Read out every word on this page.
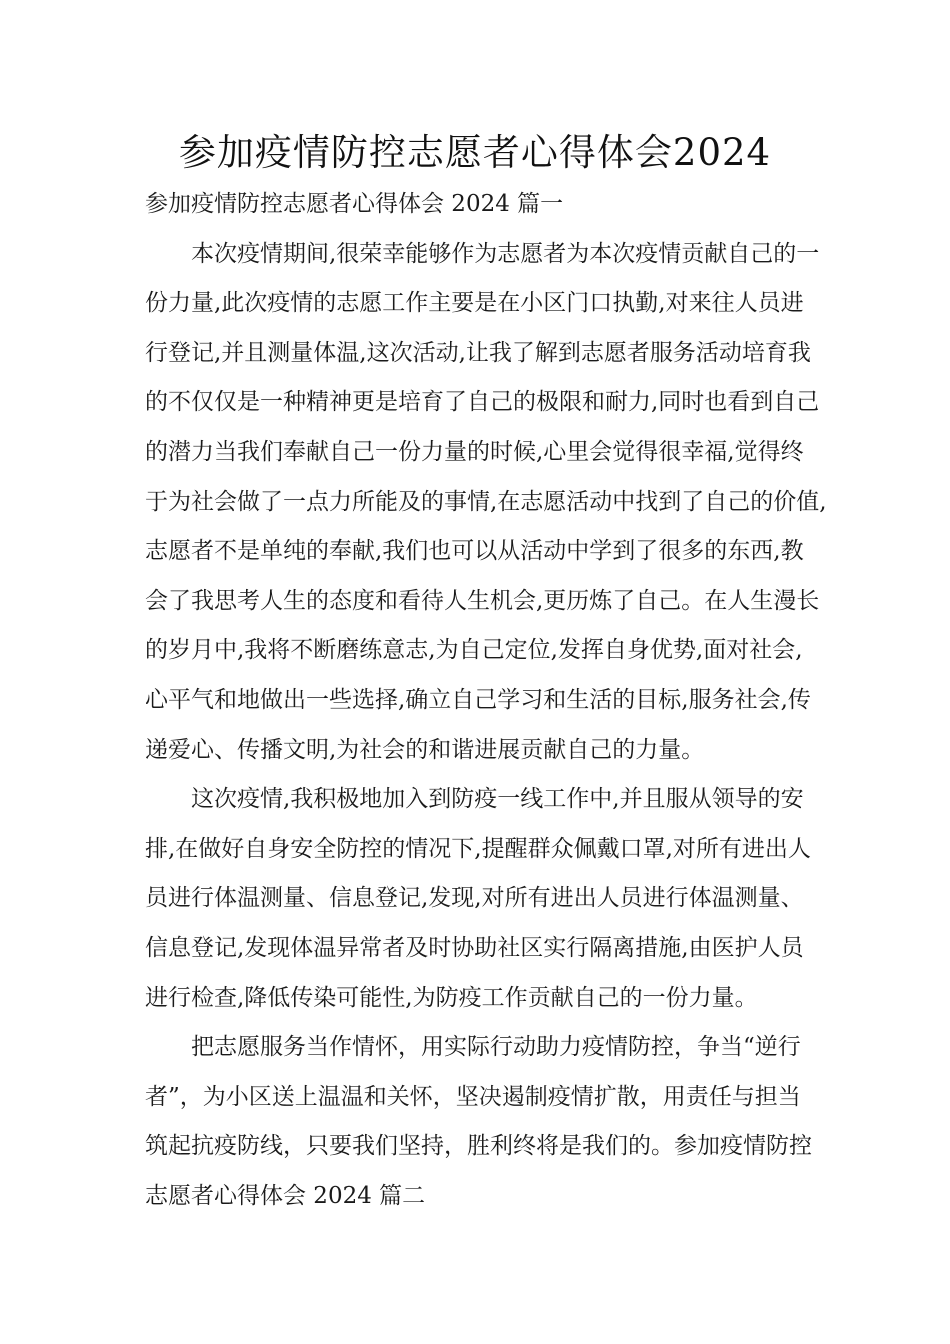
参加疫情防控志愿者心得体会2024
参加疫情防控志愿者心得体会 2024 篇一
本次疫情期间,很荣幸能够作为志愿者为本次疫情贡献自己的一
份力量,此次疫情的志愿工作主要是在小区门口执勤,对来往人员进
行登记,并且测量体温,这次活动,让我了解到志愿者服务活动培育我
的不仅仅是一种精神更是培育了自己的极限和耐力,同时也看到自己
的潜力当我们奉献自己一份力量的时候,心里会觉得很幸福,觉得终
于为社会做了一点力所能及的事情,在志愿活动中找到了自己的价值,
志愿者不是单纯的奉献,我们也可以从活动中学到了很多的东西,教
会了我思考人生的态度和看待人生机会,更历炼了自己。在人生漫长
的岁月中,我将不断磨练意志,为自己定位,发挥自身优势,面对社会,
心平气和地做出一些选择,确立自己学习和生活的目标,服务社会,传
递爱心、传播文明,为社会的和谐进展贡献自己的力量。
这次疫情,我积极地加入到防疫一线工作中,并且服从领导的安
排,在做好自身安全防控的情况下,提醒群众佩戴口罩,对所有进出人
员进行体温测量、信息登记,发现,对所有进出人员进行体温测量、
信息登记,发现体温异常者及时协助社区实行隔离措施,由医护人员
进行检查,降低传染可能性,为防疫工作贡献自己的一份力量。
把志愿服务当作情怀，用实际行动助力疫情防控，争当“逆行
者”，为小区送上温温和关怀，坚决遏制疫情扩散，用责任与担当
筑起抗疫防线，只要我们坚持，胜利终将是我们的。参加疫情防控
志愿者心得体会 2024 篇二
